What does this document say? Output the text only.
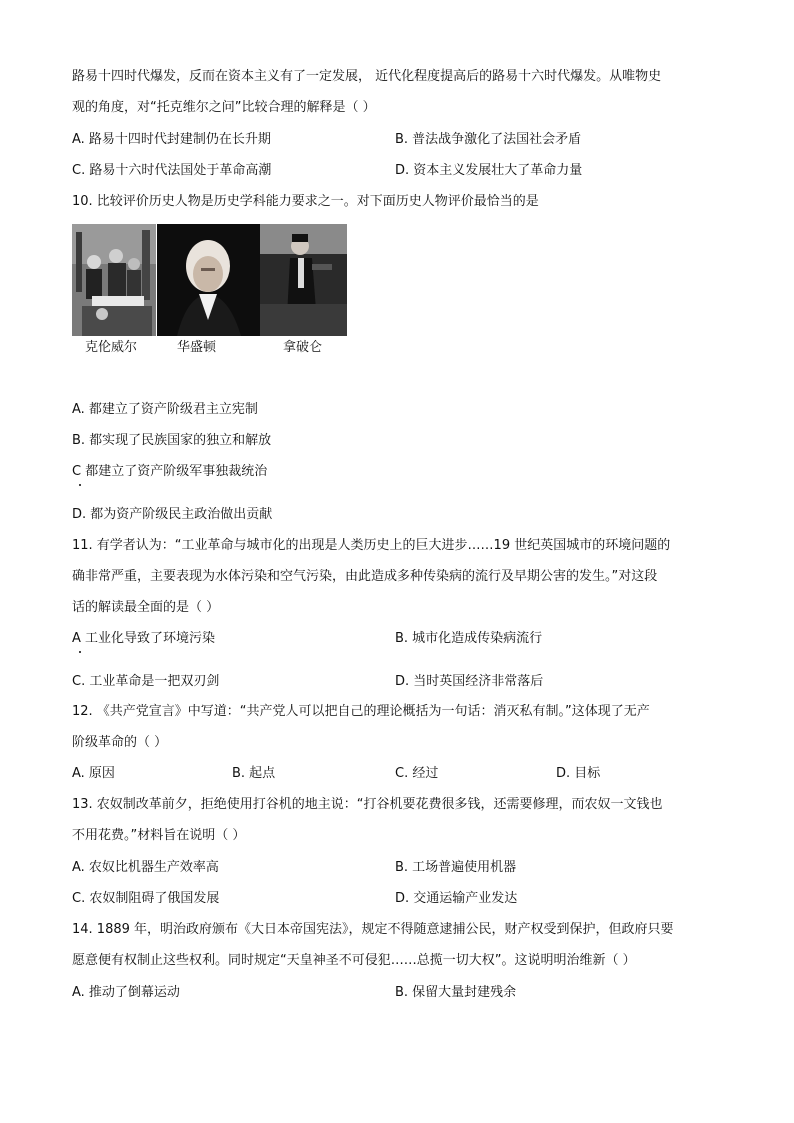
路易十四时代爆发，反而在资本主义有了一定发展， 近代化程度提高后的路易十六时代爆发。从唯物史
观的角度，对“托克维尔之问”比较合理的解释是（ ）
A. 路易十四时代封建制仍在长升期	B. 普法战争激化了法国社会矛盾
C. 路易十六时代法国处于革命高潮	D. 资本主义发展壮大了革命力量
10. 比较评价历史人物是历史学科能力要求之一。对下面历史人物评价最恰当的是
克伦威尔	华盛顿	拿破仑
A. 都建立了资产阶级君主立宪制
B. 都实现了民族国家的独立和解放
C 都建立了资产阶级军事独裁统治
D. 都为资产阶级民主政治做出贡献
11. 有学者认为：“工业革命与城市化的出现是人类历史上的巨大进步……19 世纪英国城市的环境问题的
确非常严重，主要表现为水体污染和空气污染，由此造成多种传染病的流行及早期公害的发生。”对这段
话的解读最全面的是（ ）
A 工业化导致了环境污染	B. 城市化造成传染病流行
C. 工业革命是一把双刃剑	D. 当时英国经济非常落后
12. 《共产党宣言》中写道：“共产党人可以把自己的理论概括为一句话：消灭私有制。”这体现了无产
阶级革命的（ ）
A. 原因	B. 起点	C. 经过	D. 目标
13. 农奴制改革前夕，拒绝使用打谷机的地主说：“打谷机要花费很多钱，还需要修理，而农奴一文钱也
不用花费。”材料旨在说明（ ）
A. 农奴比机器生产效率高	B. 工场普遍使用机器
C. 农奴制阻碍了俄国发展	D. 交通运输产业发达
14. 1889 年，明治政府颁布《大日本帝国宪法》，规定不得随意逮捕公民，财产权受到保护，但政府只要
愿意便有权制止这些权利。同时规定“天皇神圣不可侵犯……总揽一切大权”。这说明明治维新（ ）
A. 推动了倒幕运动	B. 保留大量封建残余
